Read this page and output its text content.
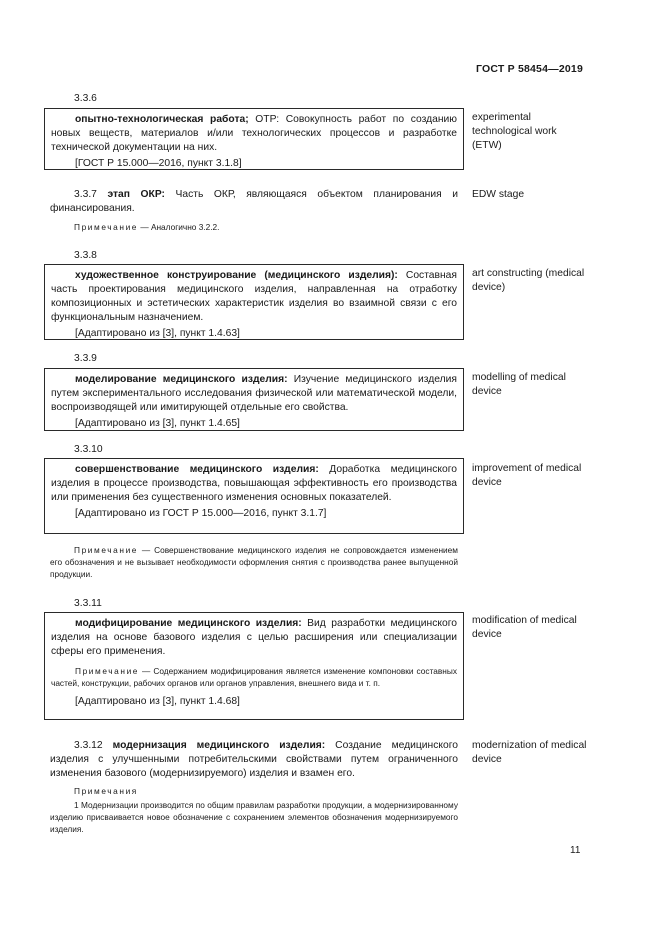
ГОСТ Р 58454—2019
3.3.6
опытно-технологическая работа; ОТР: Совокупность работ по созданию новых веществ, материалов и/или технологических процессов и разработке технической документации на них.
[ГОСТ Р 15.000—2016, пункт 3.1.8]
experimental technological work (ETW)
3.3.7 этап ОКР: Часть ОКР, являющаяся объектом планирования и финансирования.
EDW stage
Примечание — Аналогично 3.2.2.
3.3.8
художественное конструирование (медицинского изделия): Составная часть проектирования медицинского изделия, направленная на отработку композиционных и эстетических характеристик изделия во взаимной связи с его функциональным назначением.
[Адаптировано из [3], пункт 1.4.63]
art constructing (medical device)
3.3.9
моделирование медицинского изделия: Изучение медицинского изделия путем экспериментального исследования физической или математической модели, воспроизводящей или имитирующей отдельные его свойства.
[Адаптировано из [3], пункт 1.4.65]
modelling of medical device
3.3.10
совершенствование медицинского изделия: Доработка медицинского изделия в процессе производства, повышающая эффективность его производства или применения без существенного изменения основных показателей.
[Адаптировано из ГОСТ Р 15.000—2016, пункт 3.1.7]
improvement of medical device
Примечание — Совершенствование медицинского изделия не сопровождается изменением его обозначения и не вызывает необходимости оформления снятия с производства ранее выпущенной продукции.
3.3.11
модифицирование медицинского изделия: Вид разработки медицинского изделия на основе базового изделия с целью расширения или специализации сферы его применения.
Примечание — Содержанием модифицирования является изменение компоновки составных частей, конструкции, рабочих органов или органов управления, внешнего вида и т. п.
[Адаптировано из [3], пункт 1.4.68]
modification of medical device
3.3.12 модернизация медицинского изделия: Создание медицинского изделия с улучшенными потребительскими свойствами путем ограниченного изменения базового (модернизируемого) изделия и взамен его.
modernization of medical device
Примечания
1 Модернизации производится по общим правилам разработки продукции, а модернизированному изделию присваивается новое обозначение с сохранением элементов обозначения модернизируемого изделия.
11
